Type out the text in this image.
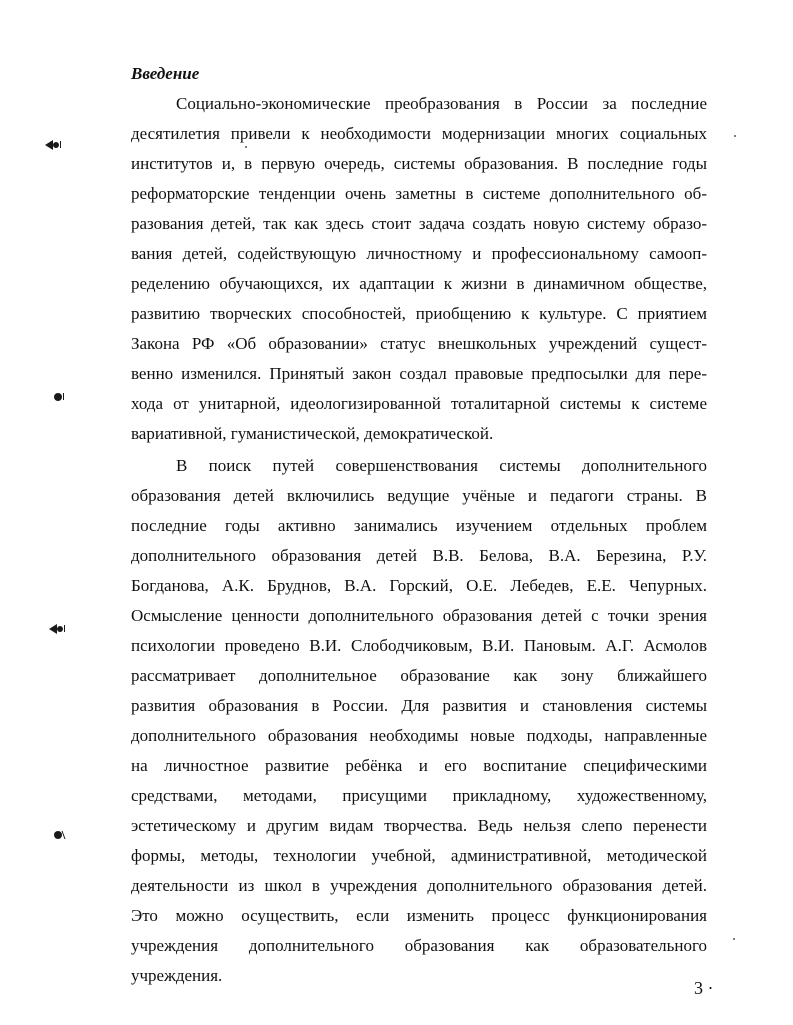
Введение
Социально-экономические преобразования в России за последние
десятилетия привели к необходимости модернизации многих социальных
институтов и, в первую очередь, системы образования. В последние годы
реформаторские тенденции очень заметны в системе дополнительного об-
разования детей, так как здесь стоит задача создать новую систему образо-
вания детей, содействующую личностному и профессиональному самооп-
ределению обучающихся, их адаптации к жизни в динамичном обществе,
развитию творческих способностей, приобщению к культуре. С приятием
Закона РФ «Об образовании» статус внешкольных учреждений сущест-
венно изменился. Принятый закон создал правовые предпосылки для пере-
хода от унитарной, идеологизированной тоталитарной системы к системе
вариативной, гуманистической, демократической.
В поиск путей совершенствования системы дополнительного
образования детей включились ведущие учёные и педагоги страны. В
последние годы активно занимались изучением отдельных проблем
дополнительного образования детей В.В. Белова, В.А. Березина, Р.У.
Богданова, А.К. Бруднов, В.А. Горский, О.Е. Лебедев, Е.Е. Чепурных.
Осмысление ценности дополнительного образования детей с точки зрения
психологии проведено В.И. Слободчиковым, В.И. Пановым. А.Г. Асмолов
рассматривает дополнительное образование как зону ближайшего
развития образования в России. Для развития и становления системы
дополнительного образования необходимы новые подходы, направленные
на личностное развитие ребёнка и его воспитание специфическими
средствами, методами, присущими прикладному, художественному,
эстетическому и другим видам творчества. Ведь нельзя слепо перенести
формы, методы, технологии учебной, административной, методической
деятельности из школ в учреждения дополнительного образования детей.
Это можно осуществить, если изменить процесс функционирования
учреждения дополнительного образования как образовательного
учреждения.
3 ·
